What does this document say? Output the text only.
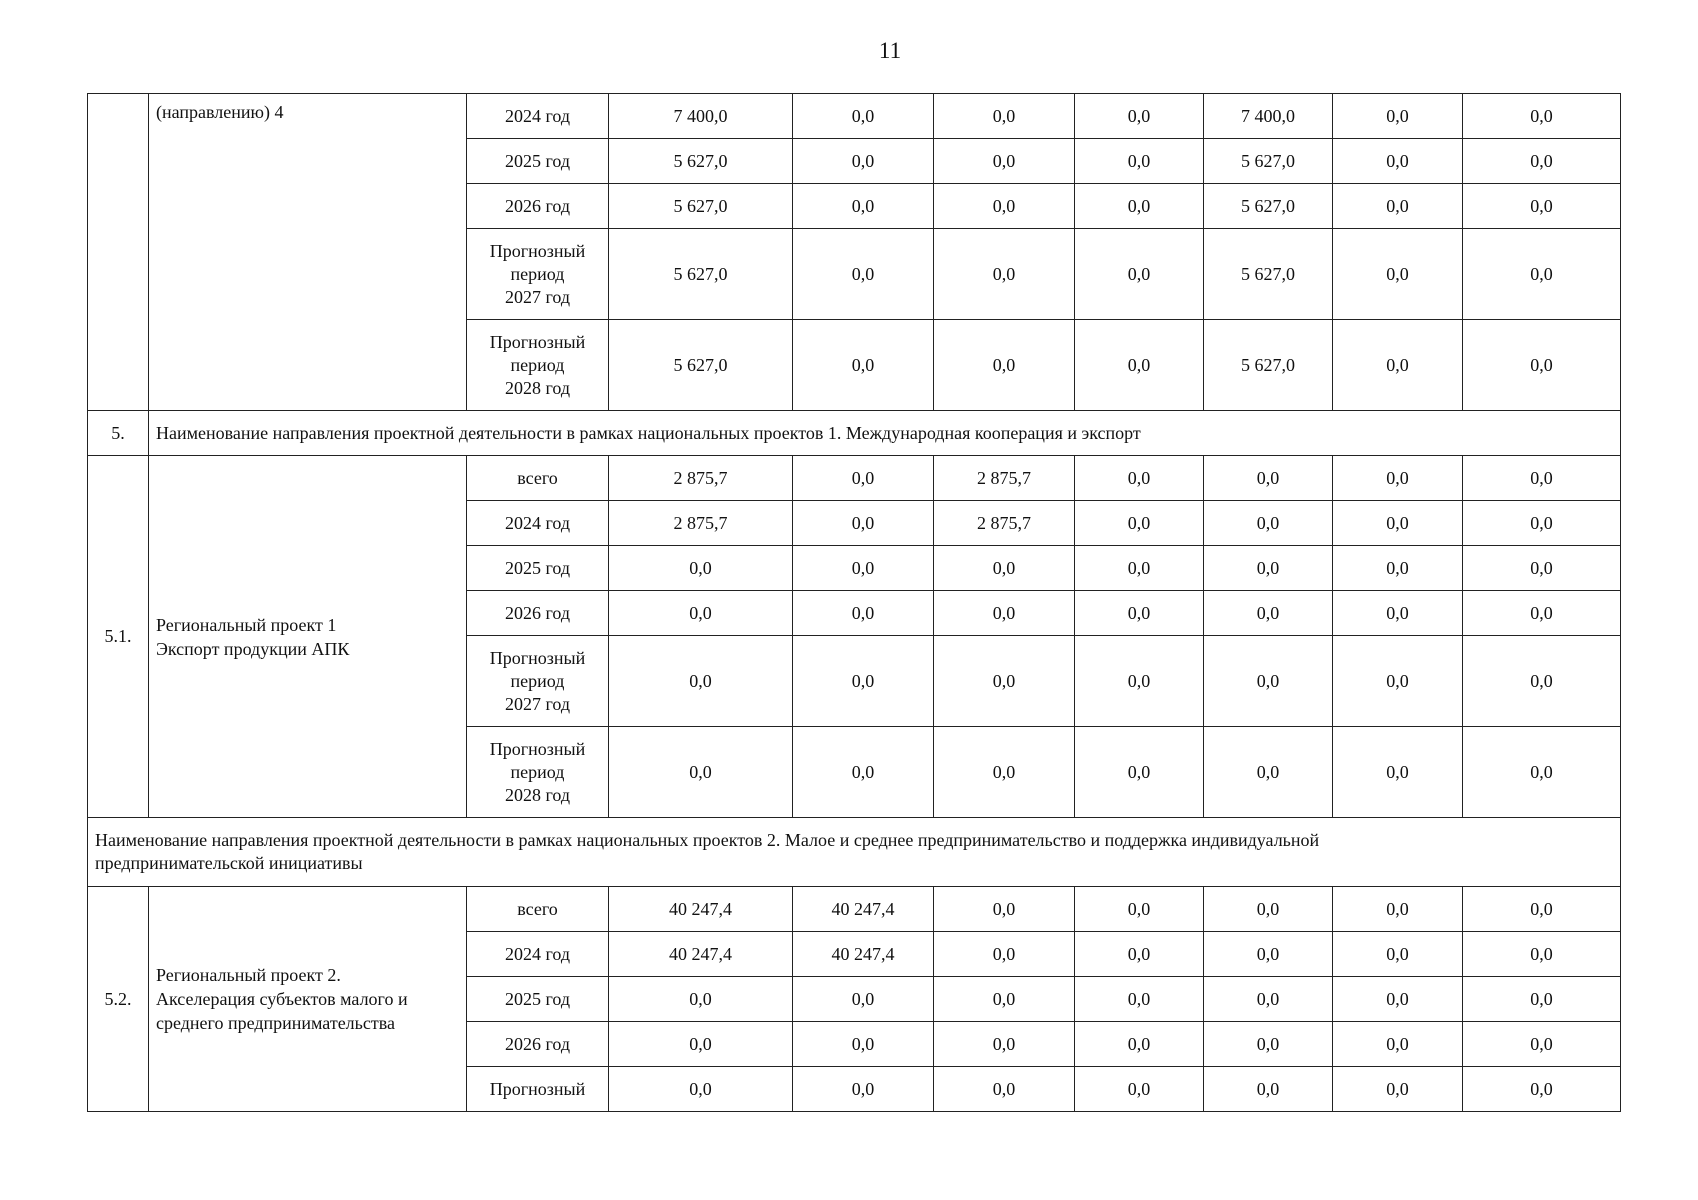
11
	(направлению) 4	2024 год	7 400,0	0,0	0,0	0,0	7 400,0	0,0	0,0
		2025 год	5 627,0	0,0	0,0	0,0	5 627,0	0,0	0,0
		2026 год	5 627,0	0,0	0,0	0,0	5 627,0	0,0	0,0
		Прогнозный
период
2027 год	5 627,0	0,0	0,0	0,0	5 627,0	0,0	0,0
		Прогнозный
период
2028 год	5 627,0	0,0	0,0	0,0	5 627,0	0,0	0,0
5.	Наименование направления проектной деятельности в рамках национальных проектов 1. Международная кооперация и экспорт								
5.1.	Региональный проект 1
Экспорт продукции АПК	всего	2 875,7	0,0	2 875,7	0,0	0,0	0,0	0,0
		2024 год	2 875,7	0,0	2 875,7	0,0	0,0	0,0	0,0
		2025 год	0,0	0,0	0,0	0,0	0,0	0,0	0,0
		2026 год	0,0	0,0	0,0	0,0	0,0	0,0	0,0
		Прогнозный
период
2027 год	0,0	0,0	0,0	0,0	0,0	0,0	0,0
		Прогнозный
период
2028 год	0,0	0,0	0,0	0,0	0,0	0,0	0,0
Наименование направления проектной деятельности в рамках национальных проектов 2. Малое и среднее предпринимательство и поддержка индивидуальной
предпринимательской инициативы									
5.2.	Региональный проект 2.
Акселерация субъектов малого и
среднего предпринимательства	всего	40 247,4	40 247,4	0,0	0,0	0,0	0,0	0,0
		2024 год	40 247,4	40 247,4	0,0	0,0	0,0	0,0	0,0
		2025 год	0,0	0,0	0,0	0,0	0,0	0,0	0,0
		2026 год	0,0	0,0	0,0	0,0	0,0	0,0	0,0
		Прогнозный	0,0	0,0	0,0	0,0	0,0	0,0	0,0
